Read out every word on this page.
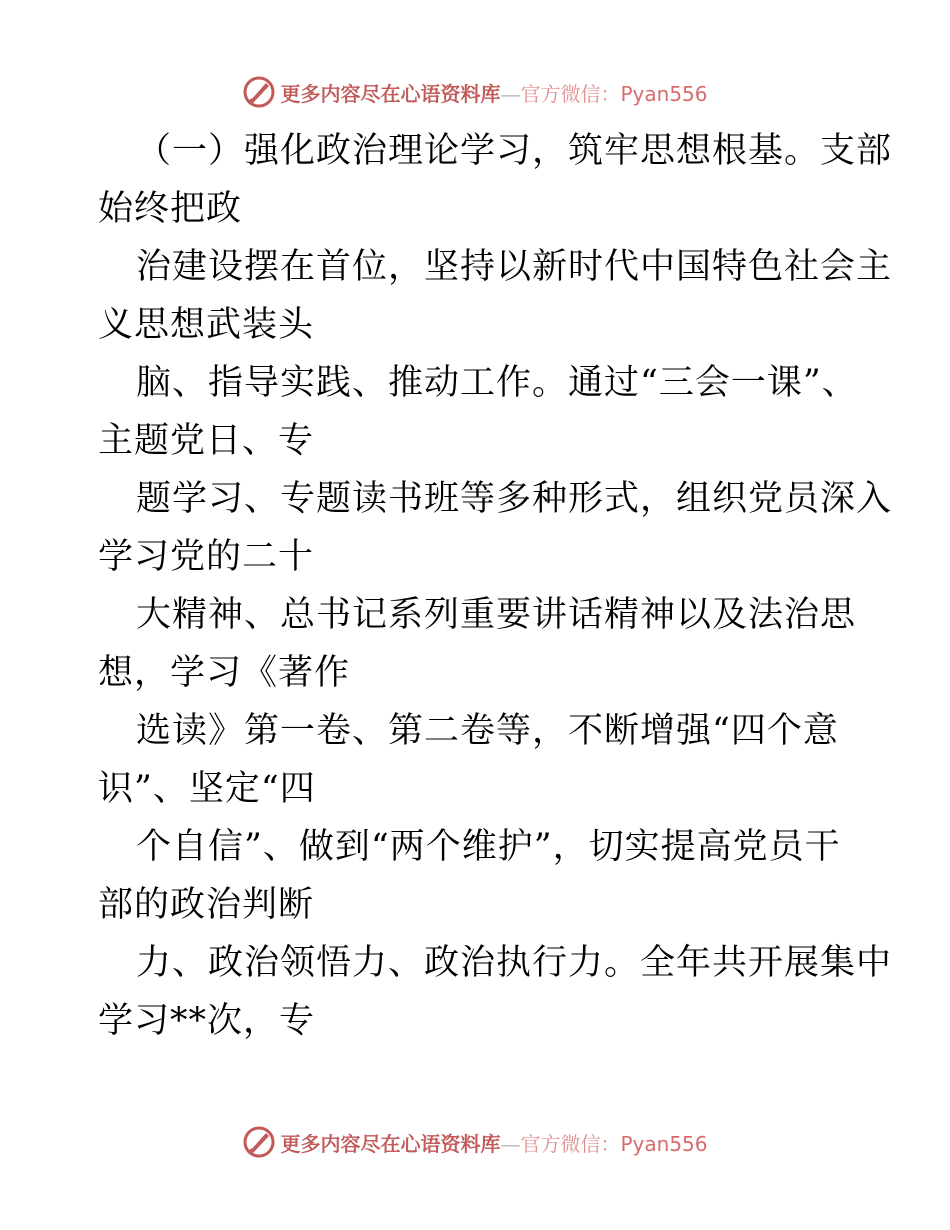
更多内容尽在心语资料库—官方微信：Pyan556
（一）强化政治理论学习，筑牢思想根基。支部
始终把政
治建设摆在首位，坚持以新时代中国特色社会主
义思想武装头
脑、指导实践、推动工作。通过“三会一课”、
主题党日、专
题学习、专题读书班等多种形式，组织党员深入
学习党的二十
大精神、总书记系列重要讲话精神以及法治思
想，学习《著作
选读》第一卷、第二卷等，不断增强“四个意
识”、坚定“四
个自信”、做到“两个维护”，切实提高党员干
部的政治判断
力、政治领悟力、政治执行力。全年共开展集中
学习**次，专
更多内容尽在心语资料库—官方微信：Pyan556
